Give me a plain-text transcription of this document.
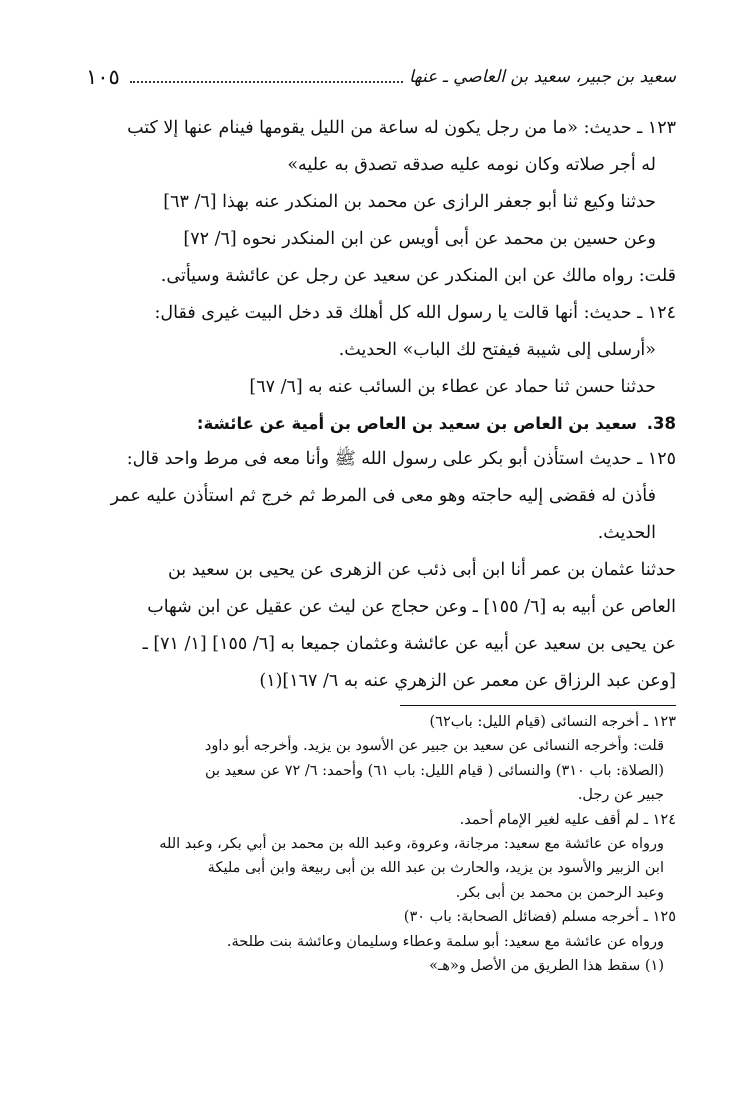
١٠٥	سعيد بن جبير، سعيد بن العاصي ـ عنها
١٢٣ ـ حديث: «ما من رجل يكون له ساعة من الليل يقومها فينام عنها إلا كتب
له أجر صلاته وكان نومه عليه صدقه تصدق به عليه»
حدثنا وكيع ثنا أبو جعفر الرازى عن محمد بن المنكدر عنه بهذا [٦/ ٦٣]
وعن حسين بن محمد عن أبى أويس عن ابن المنكدر نحوه [٦/ ٧٢]
قلت: رواه مالك عن ابن المنكدر عن سعيد عن رجل عن عائشة وسيأتى.
١٢٤ ـ حديث: أنها قالت يا رسول الله كل أهلك قد دخل البيت غيرى فقال:
«أرسلى إلى شيبة فيفتح لك الباب» الحديث.
حدثنا حسن ثنا حماد عن عطاء بن السائب عنه به [٦/ ٦٧]
38. سعيد بن العاص بن سعيد بن العاص بن أمية عن عائشة:
١٢٥ ـ حديث استأذن أبو بكر على رسول الله ﷺ وأنا معه فى مرط واحد قال:
فأذن له فقضى إليه حاجته وهو معى فى المرط ثم خرج ثم استأذن عليه عمر
الحديث.
حدثنا عثمان بن عمر أنا ابن أبى ذئب عن الزهرى عن يحيى بن سعيد بن
العاص عن أبيه به [٦/ ١٥٥] ـ وعن حجاج عن ليث عن عقيل عن ابن شهاب
عن يحيى بن سعيد عن أبيه عن عائشة وعثمان جميعا به [٦/ ١٥٥] [١/ ٧١] ـ
[وعن عبد الرزاق عن معمر عن الزهري عنه به ٦/ ١٦٧](١)
١٢٣ ـ أخرجه النسائى (قيام الليل: باب٦٢)
قلت: وأخرجه النسائى عن سعيد بن جبير عن الأسود بن يزيد. وأخرجه أبو داود
(الصلاة: باب ٣١٠) والنسائى ( قيام الليل: باب ٦١) وأحمد: ٦/ ٧٢ عن سعيد بن
جبير عن رجل.
١٢٤ ـ لم أقف عليه لغير الإمام أحمد.
ورواه عن عائشة مع سعيد: مرجانة، وعروة، وعبد الله بن محمد بن أبي بكر، وعبد الله
ابن الزبير والأسود بن يزيد، والحارث بن عبد الله بن أبى ربيعة وابن أبى مليكة
وعبد الرحمن بن محمد بن أبى بكر.
١٢٥ ـ أخرجه مسلم (فضائل الصحابة: باب ٣٠)
ورواه عن عائشة مع سعيد: أبو سلمة وعطاء وسليمان وعائشة بنت طلحة.
(١) سقط هذا الطريق من الأصل و«هـ»
